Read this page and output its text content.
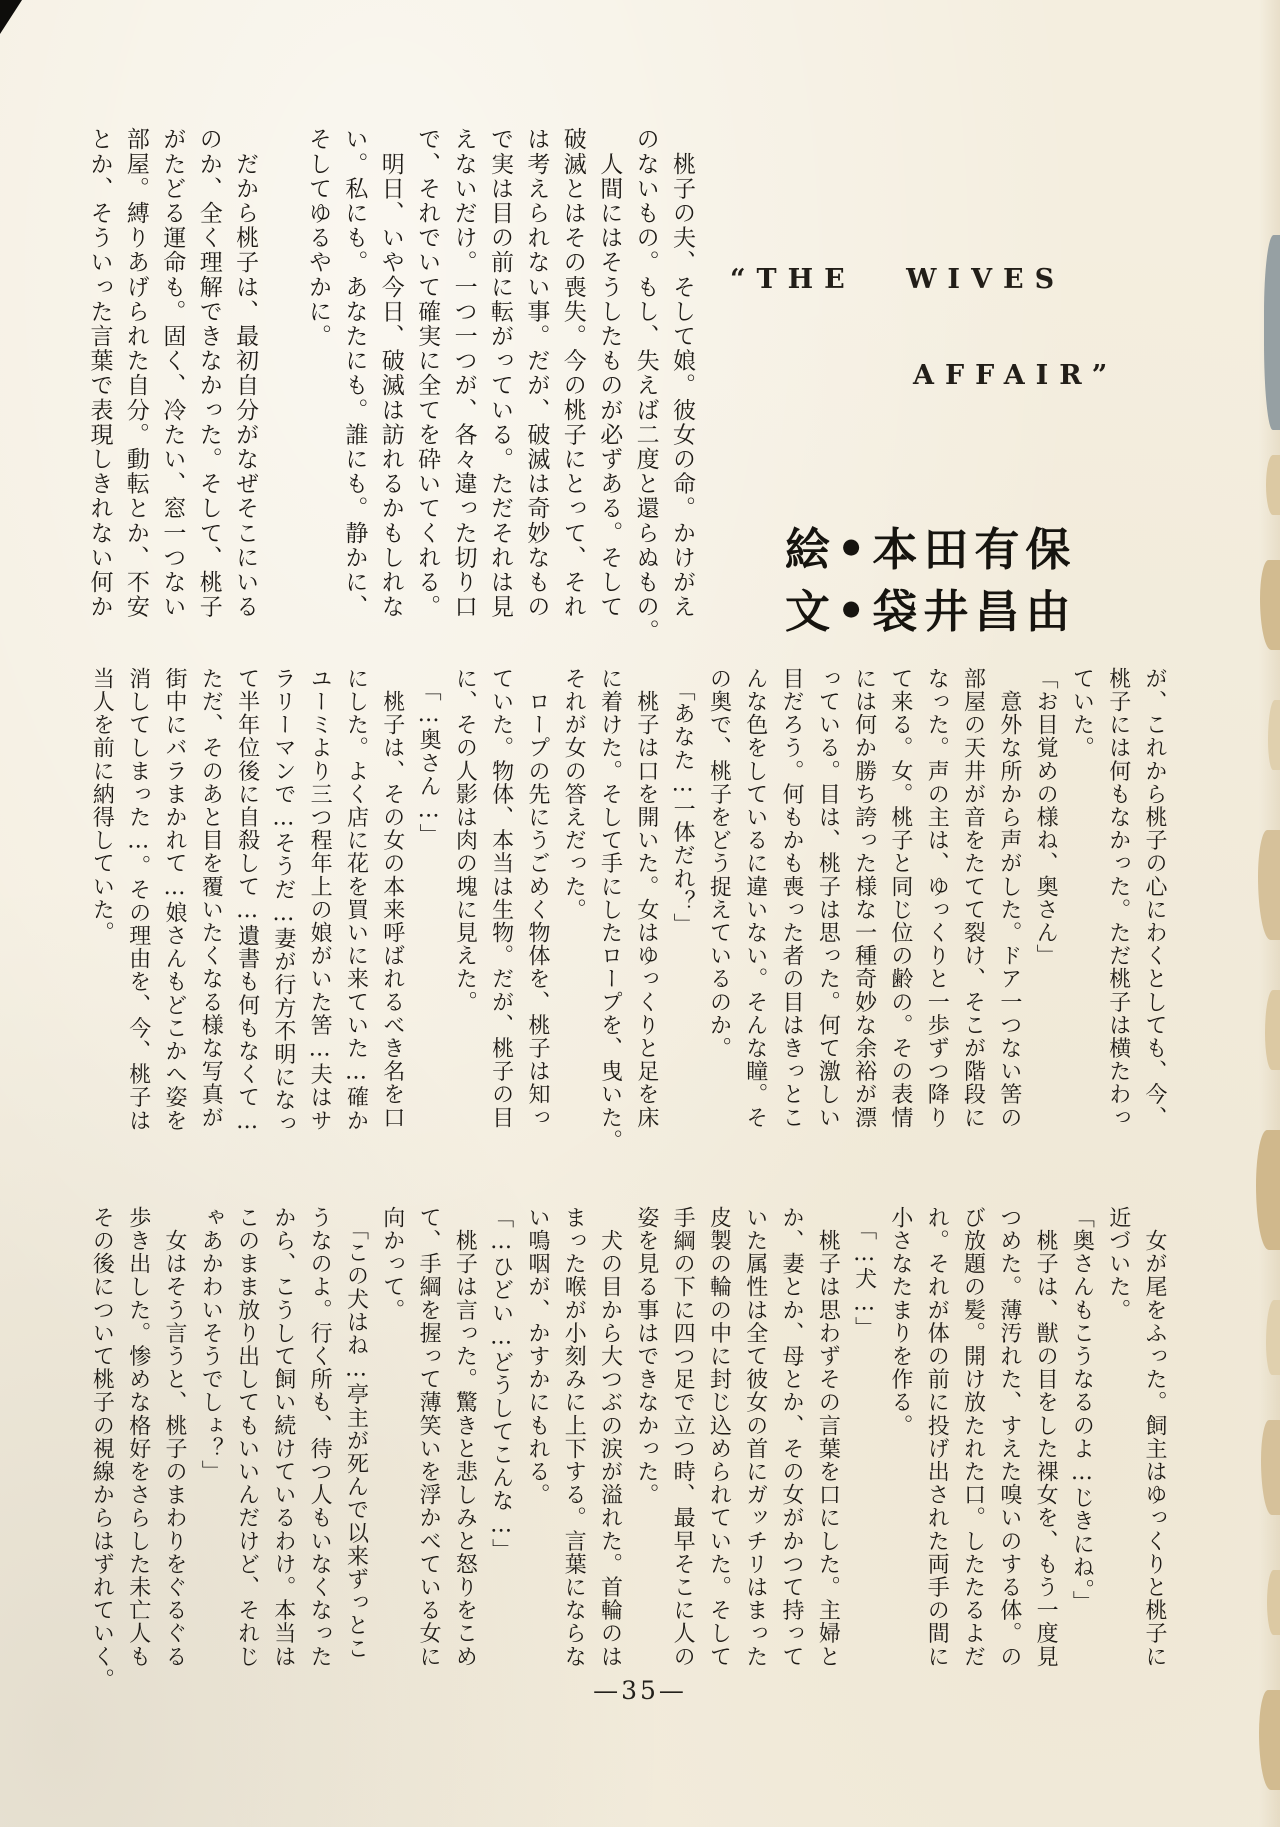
　桃子の夫、そして娘。彼女の命。かけがえ
のないもの。もし、失えば二度と還らぬもの。
　人間にはそうしたものが必ずある。そして
破滅とはその喪失。今の桃子にとって、それ
は考えられない事。だが、破滅は奇妙なもの
で実は目の前に転がっている。ただそれは見
えないだけ。一つ一つが、各々違った切り口
で、それでいて確実に全てを砕いてくれる。
　明日、いや今日、破滅は訪れるかもしれな
い。私にも。あなたにも。誰にも。静かに、
そしてゆるやかに。

　だから桃子は、最初自分がなぜそこにいる
のか、全く理解できなかった。そして、桃子
がたどる運命も。固く、冷たい、窓一つない
部屋。縛りあげられた自分。動転とか、不安
とか、そういった言葉で表現しきれない何か	“THE WIVES
AFFAIR”
絵 ● 本田有保
文 ● 袋井昌由
が、これから桃子の心にわくとしても、今、
桃子には何もなかった。ただ桃子は横たわっ
ていた。
「お目覚めの様ね、奥さん」
　意外な所から声がした。ドア一つない筈の
部屋の天井が音をたてて裂け、そこが階段に
なった。声の主は、ゆっくりと一歩ずつ降り
て来る。女。桃子と同じ位の齢の。その表情
には何か勝ち誇った様な一種奇妙な余裕が漂
っている。目は、桃子は思った。何て激しい
目だろう。何もかも喪った者の目はきっとこ
んな色をしているに違いない。そんな瞳。そ
の奥で、桃子をどう捉えているのか。
　「あなた…一体だれ？」
　桃子は口を開いた。女はゆっくりと足を床
に着けた。そして手にしたロープを、曳いた。
それが女の答えだった。
　ロープの先にうごめく物体を、桃子は知っ
ていた。物体、本当は生物。だが、桃子の目
に、その人影は肉の塊に見えた。
　「…奥さん…」
　桃子は、その女の本来呼ばれるべき名を口
にした。よく店に花を買いに来ていた…確か
ユーミより三つ程年上の娘がいた筈…夫はサ
ラリーマンで…そうだ…妻が行方不明になっ
て半年位後に自殺して…遺書も何もなくて…
ただ、そのあと目を覆いたくなる様な写真が
街中にバラまかれて…娘さんもどこかへ姿を
消してしまった…。その理由を、今、桃子は
当人を前に納得していた。
　女が尾をふった。飼主はゆっくりと桃子に
近づいた。
「奥さんもこうなるのよ…じきにね。」
　桃子は、獣の目をした裸女を、もう一度見
つめた。薄汚れた、すえた嗅いのする体。の
び放題の髪。開け放たれた口。したたるよだ
れ。それが体の前に投げ出された両手の間に
小さなたまりを作る。
　「…犬…」
　桃子は思わずその言葉を口にした。主婦と
か、妻とか、母とか、その女がかつて持って
いた属性は全て彼女の首にガッチリはまった
皮製の輪の中に封じ込められていた。そして
手綱の下に四つ足で立つ時、最早そこに人の
姿を見る事はできなかった。
　犬の目から大つぶの涙が溢れた。首輪のは
まった喉が小刻みに上下する。言葉にならな
い鳴咽が、かすかにもれる。
「…ひどい…どうしてこんな…」
　桃子は言った。驚きと悲しみと怒りをこめ
て、手綱を握って薄笑いを浮かべている女に
向かって。
　「この犬はね…亭主が死んで以来ずっとこ
うなのよ。行く所も、待つ人もいなくなった
から、こうして飼い続けているわけ。本当は
このまま放り出してもいいんだけど、それじ
ゃあかわいそうでしょ？」
　女はそう言うと、桃子のまわりをぐるぐる
歩き出した。惨めな格好をさらした未亡人も
その後について桃子の視線からはずれていく。	—35—
